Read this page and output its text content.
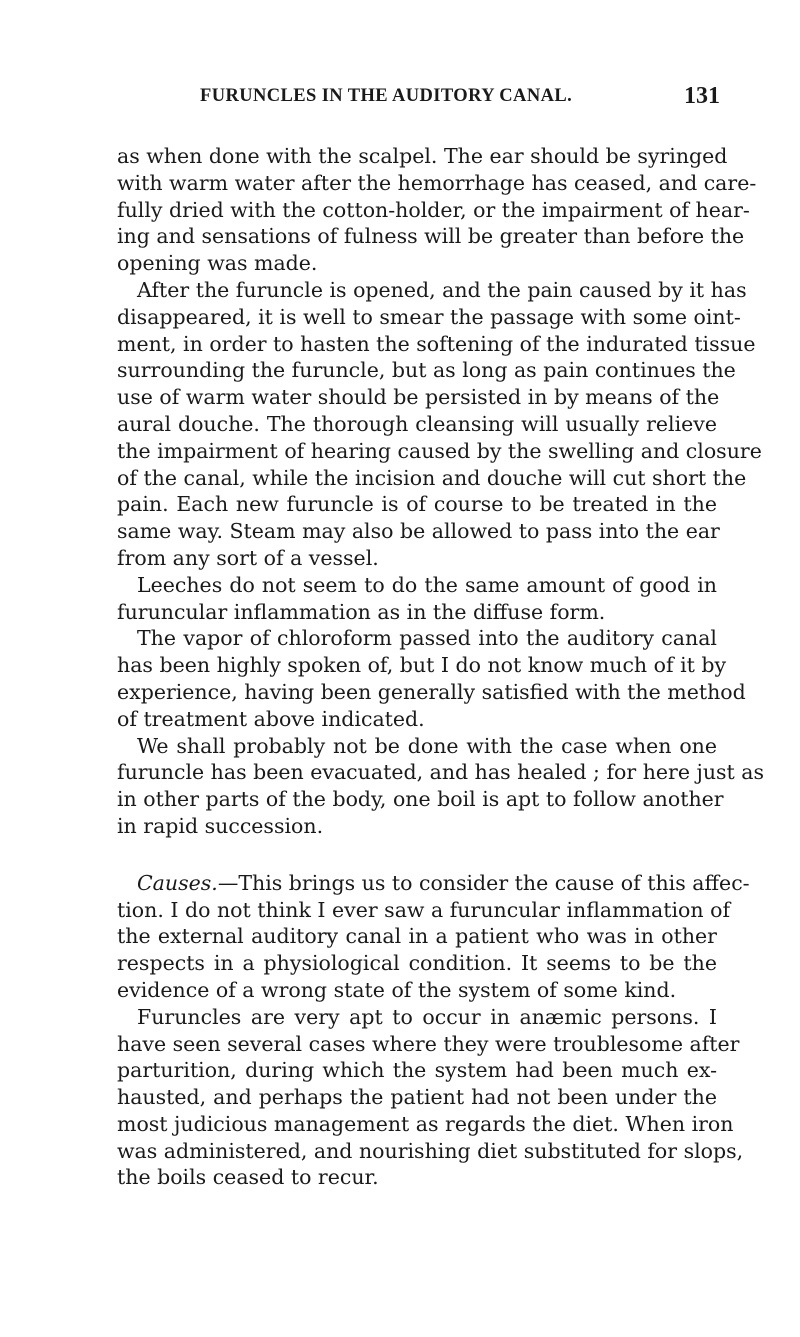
FURUNCLES IN THE AUDITORY CANAL.	131
as when done with the scalpel. The ear should be syringed
with warm water after the hemorrhage has ceased, and care-
fully dried with the cotton-holder, or the impairment of hear-
ing and sensations of fulness will be greater than before the
opening was made.
After the furuncle is opened, and the pain caused by it has
disappeared, it is well to smear the passage with some oint-
ment, in order to hasten the softening of the indurated tissue
surrounding the furuncle, but as long as pain continues the
use of warm water should be persisted in by means of the
aural douche. The thorough cleansing will usually relieve
the impairment of hearing caused by the swelling and closure
of the canal, while the incision and douche will cut short the
pain. Each new furuncle is of course to be treated in the
same way. Steam may also be allowed to pass into the ear
from any sort of a vessel.
Leeches do not seem to do the same amount of good in
furuncular inflammation as in the diffuse form.
The vapor of chloroform passed into the auditory canal
has been highly spoken of, but I do not know much of it by
experience, having been generally satisfied with the method
of treatment above indicated.
We shall probably not be done with the case when one
furuncle has been evacuated, and has healed ; for here just as
in other parts of the body, one boil is apt to follow another
in rapid succession.
Causes.—This brings us to consider the cause of this affec-
tion. I do not think I ever saw a furuncular inflammation of
the external auditory canal in a patient who was in other
respects in a physiological condition. It seems to be the
evidence of a wrong state of the system of some kind.
Furuncles are very apt to occur in anæmic persons. I
have seen several cases where they were troublesome after
parturition, during which the system had been much ex-
hausted, and perhaps the patient had not been under the
most judicious management as regards the diet. When iron
was administered, and nourishing diet substituted for slops,
the boils ceased to recur.
